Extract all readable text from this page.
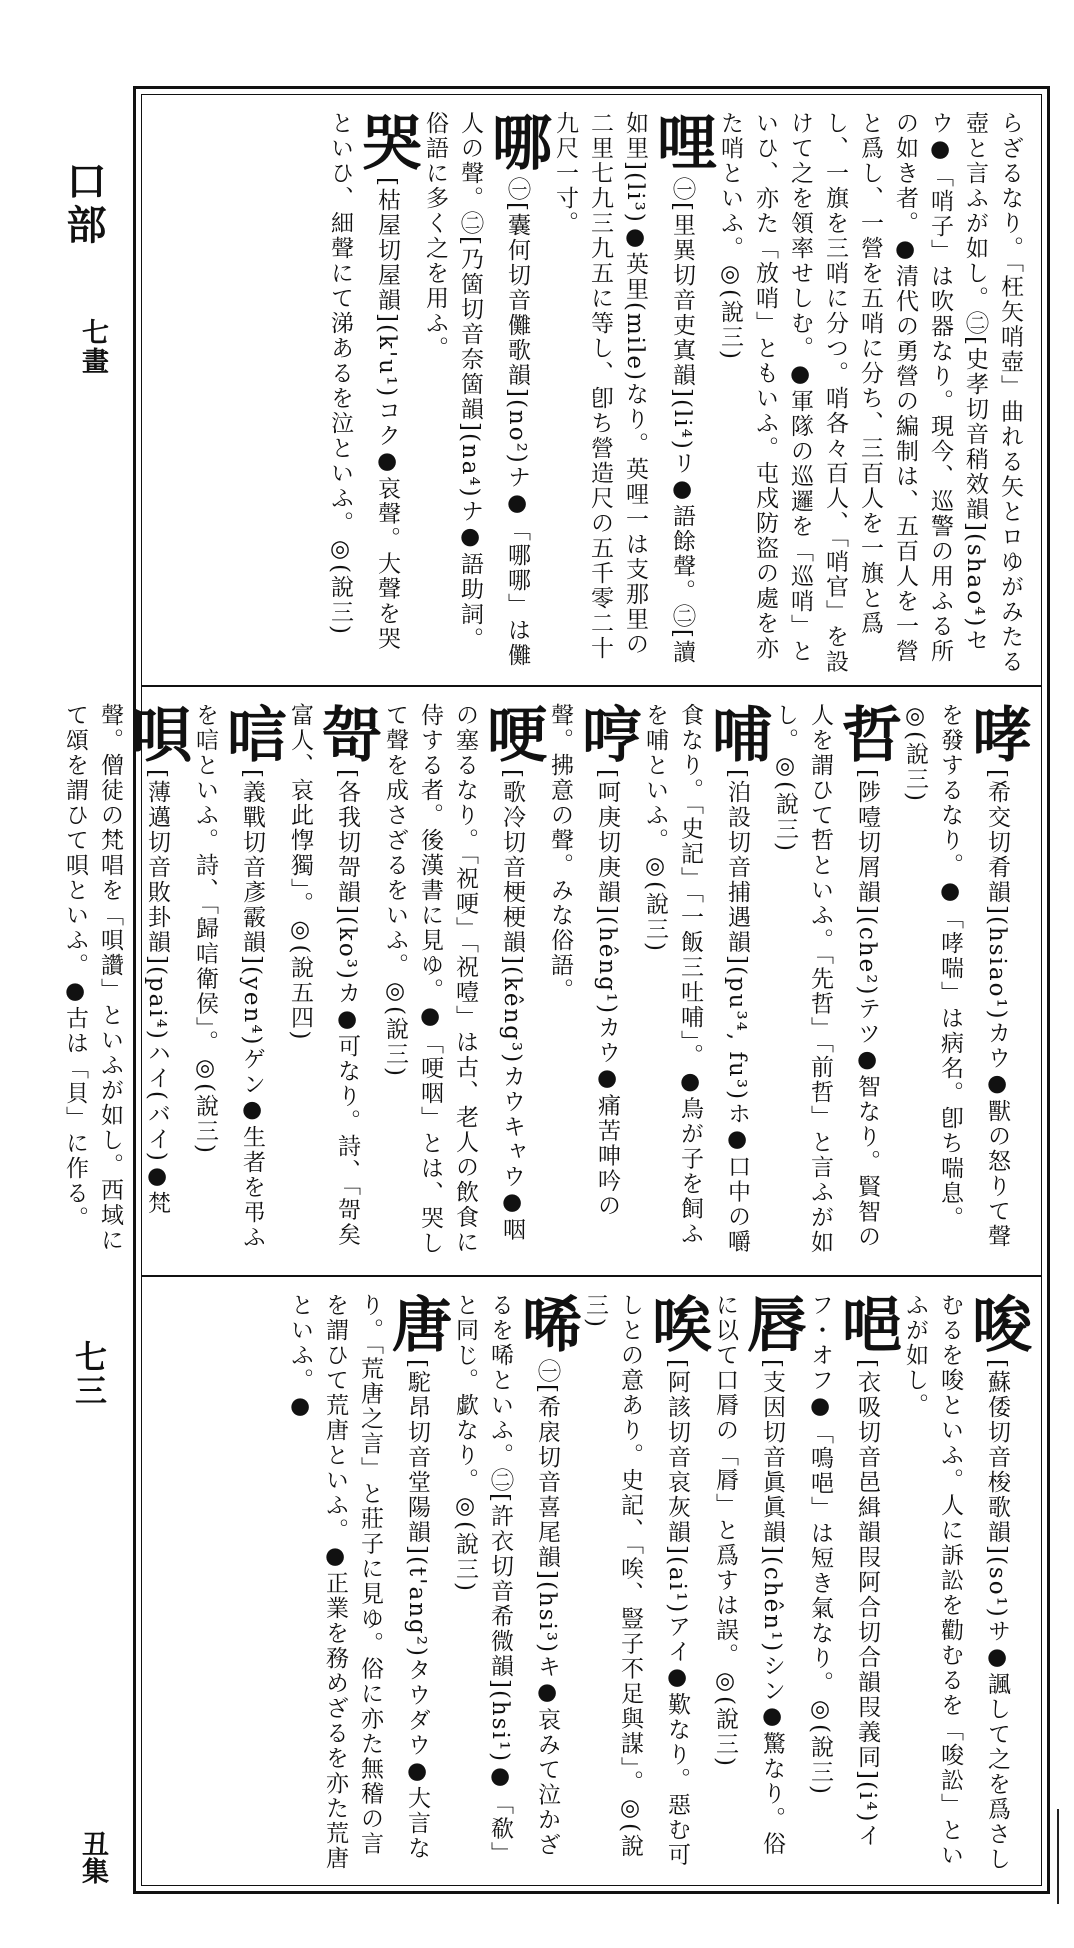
口部
七畫
七三
丑集

らざるなり。「枉矢哨壺」曲れる矢とロゆがみたる壺と言ふが如し。㊁[史孝切音稍效韻](shao⁴)セウ●「哨子」は吹器なり。現今、巡警の用ふる所の如き者。●清代の勇營の編制は、五百人を一營と爲し、一營を五哨に分ち、三百人を一旗と爲し、一旗を三哨に分つ。哨各々百人、「哨官」を設けて之を領率せしむ。●軍隊の巡邏を「巡哨」といひ、亦た「放哨」ともいふ。屯戍防盜の處を亦た哨といふ。◎(說三)

哩㊀[里異切音吏寘韻](li⁴)リ●語餘聲。㊁[讀如里](li³)●英里(mile)なり。英哩一は支那里の二里七九三九五に等し、卽ち營造尺の五千零二十九尺一寸。

哪㊀[囊何切音儺歌韻](no²)ナ●「哪哪」は儺人の聲。㊁[乃箇切音奈箇韻](na⁴)ナ●語助詞。俗語に多く之を用ふ。

哭[枯屋切屋韻](k'u¹)コク●哀聲。大聲を哭といひ、細聲にて涕あるを泣といふ。◎(說三)

哮[希交切肴韻](hsiao¹)カウ●獸の怒りて聲を發するなり。●「哮喘」は病名。卽ち喘息。◎(說三)

哲[陟噎切屑韻](che²)テツ●智なり。賢智の人を謂ひて哲といふ。「先哲」「前哲」と言ふが如し。◎(說三)

哺[泊設切音捕遇韻](pu³⁴, fu³)ホ●口中の嚼食なり。「史記」「一飯三吐哺」。●鳥が子を飼ふを哺といふ。◎(說三)

哼[呵庚切庚韻](hêng¹)カウ●痛苦呻吟の聲。拂意の聲。みな俗語。

哽[歌冷切音梗梗韻](kêng³)カウキャウ●咽の塞るなり。「祝哽」「祝噎」は古、老人の飲食に侍する者。後漢書に見ゆ。●「哽咽」とは、哭して聲を成さざるをいふ。◎(說三)

哿[各我切哿韻](ko³)カ●可なり。詩、「哿矣富人、哀此惸獨」。◎(說五四)

唁[義戰切音彥霰韻](yen⁴)ゲン●生者を弔ふを唁といふ。詩、「歸唁衛侯」。◎(說三)

唄[薄邁切音敗卦韻](pai⁴)ハイ(バイ)●梵聲。僧徒の梵唱を「唄讚」といふが如し。西域にて頌を謂ひて唄といふ。●古は「貝」に作る。

唆[蘇倭切音梭歌韻](so¹)サ●諷して之を爲さしむるを唆といふ。人に訴訟を勸むるを「唆訟」といふが如し。

唈[衣吸切音邑緝韻叚阿合切合韻叚義同](i⁴)イフ・オフ●「鳴唈」は短き氣なり。◎(說三)

唇[支因切音眞眞韻](chên¹)シン●驚なり。俗に以て口脣の「脣」と爲すは誤。◎(說三)

唉[阿該切音哀灰韻](ai¹)アイ●歎なり。惡む可しとの意あり。史記、「唉、豎子不足與謀」。◎(說三)

唏㊀[希扆切音喜尾韻](hsi³)キ●哀みて泣かざるを唏といふ。㊁[許衣切音希微韻](hsi¹)●「欷」と同じ。歔なり。◎(說三)

唐[駝昂切音堂陽韻](t'ang²)タウダウ●大言なり。「荒唐之言」と莊子に見ゆ。俗に亦た無稽の言を謂ひて荒唐といふ。●正業を務めざるを亦た荒唐といふ。●
